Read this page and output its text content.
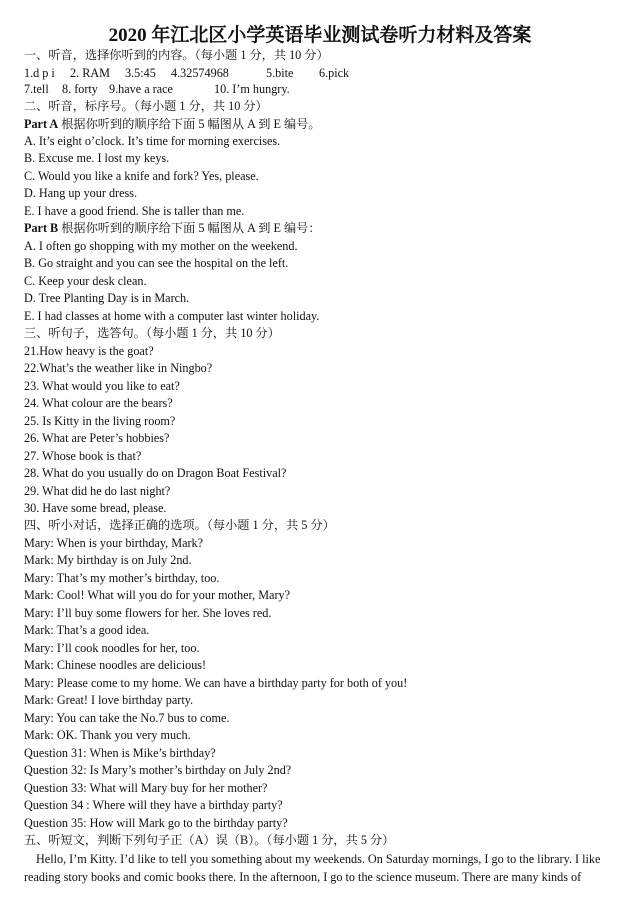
2020 年江北区小学英语毕业测试卷听力材料及答案
一、听音，选择你听到的内容。（每小题 1 分，共 10 分）
1.d p i 2. RAM 3.5:45 4.32574968	5.bite 6.pick
7.tell 8. forty 9.have a race	10. I’m hungry.
二、听音，标序号。（每小题 1 分，共 10 分）
Part A 根据你听到的顺序给下面 5 幅图从 A 到 E 编号。
A. It’s eight o’clock. It’s time for morning exercises.
B. Excuse me. I lost my keys.
C. Would you like a knife and fork? Yes, please.
D. Hang up your dress.
E. I have a good friend. She is taller than me.
Part B 根据你听到的顺序给下面 5 幅图从 A 到 E 编号：
A. I often go shopping with my mother on the weekend.
B. Go straight and you can see the hospital on the left.
C. Keep your desk clean.
D. Tree Planting Day is in March.
E. I had classes at home with a computer last winter holiday.
三、听句子，选答句。（每小题 1 分，共 10 分）
21.How heavy is the goat?
22.What’s the weather like in Ningbo?
23. What would you like to eat?
24. What colour are the bears?
25. Is Kitty in the living room?
26. What are Peter’s hobbies?
27. Whose book is that?
28. What do you usually do on Dragon Boat Festival?
29. What did he do last night?
30. Have some bread, please.
四、听小对话，选择正确的选项。（每小题 1 分，共 5 分）
Mary: When is your birthday, Mark?
Mark: My birthday is on July 2nd.
Mary: That’s my mother’s birthday, too.
Mark: Cool! What will you do for your mother, Mary?
Mary: I’ll buy some flowers for her. She loves red.
Mark: That’s a good idea.
Mary: I’ll cook noodles for her, too.
Mark: Chinese noodles are delicious!
Mary: Please come to my home. We can have a birthday party for both of you!
Mark: Great! I love birthday party.
Mary: You can take the No.7 bus to come.
Mark: OK. Thank you very much.
Question 31: When is Mike’s birthday?
Question 32: Is Mary’s mother’s birthday on July 2nd?
Question 33: What will Mary buy for her mother?
Question 34 : Where will they have a birthday party?
Question 35: How will Mark go to the birthday party?
五、听短文，判断下列句子正（A）误（B）。（每小题 1 分，共 5 分）
Hello, I’m Kitty. I’d like to tell you something about my weekends. On Saturday mornings, I go to the library. I like reading story books and comic books there. In the afternoon, I go to the science museum. There are many kinds of
